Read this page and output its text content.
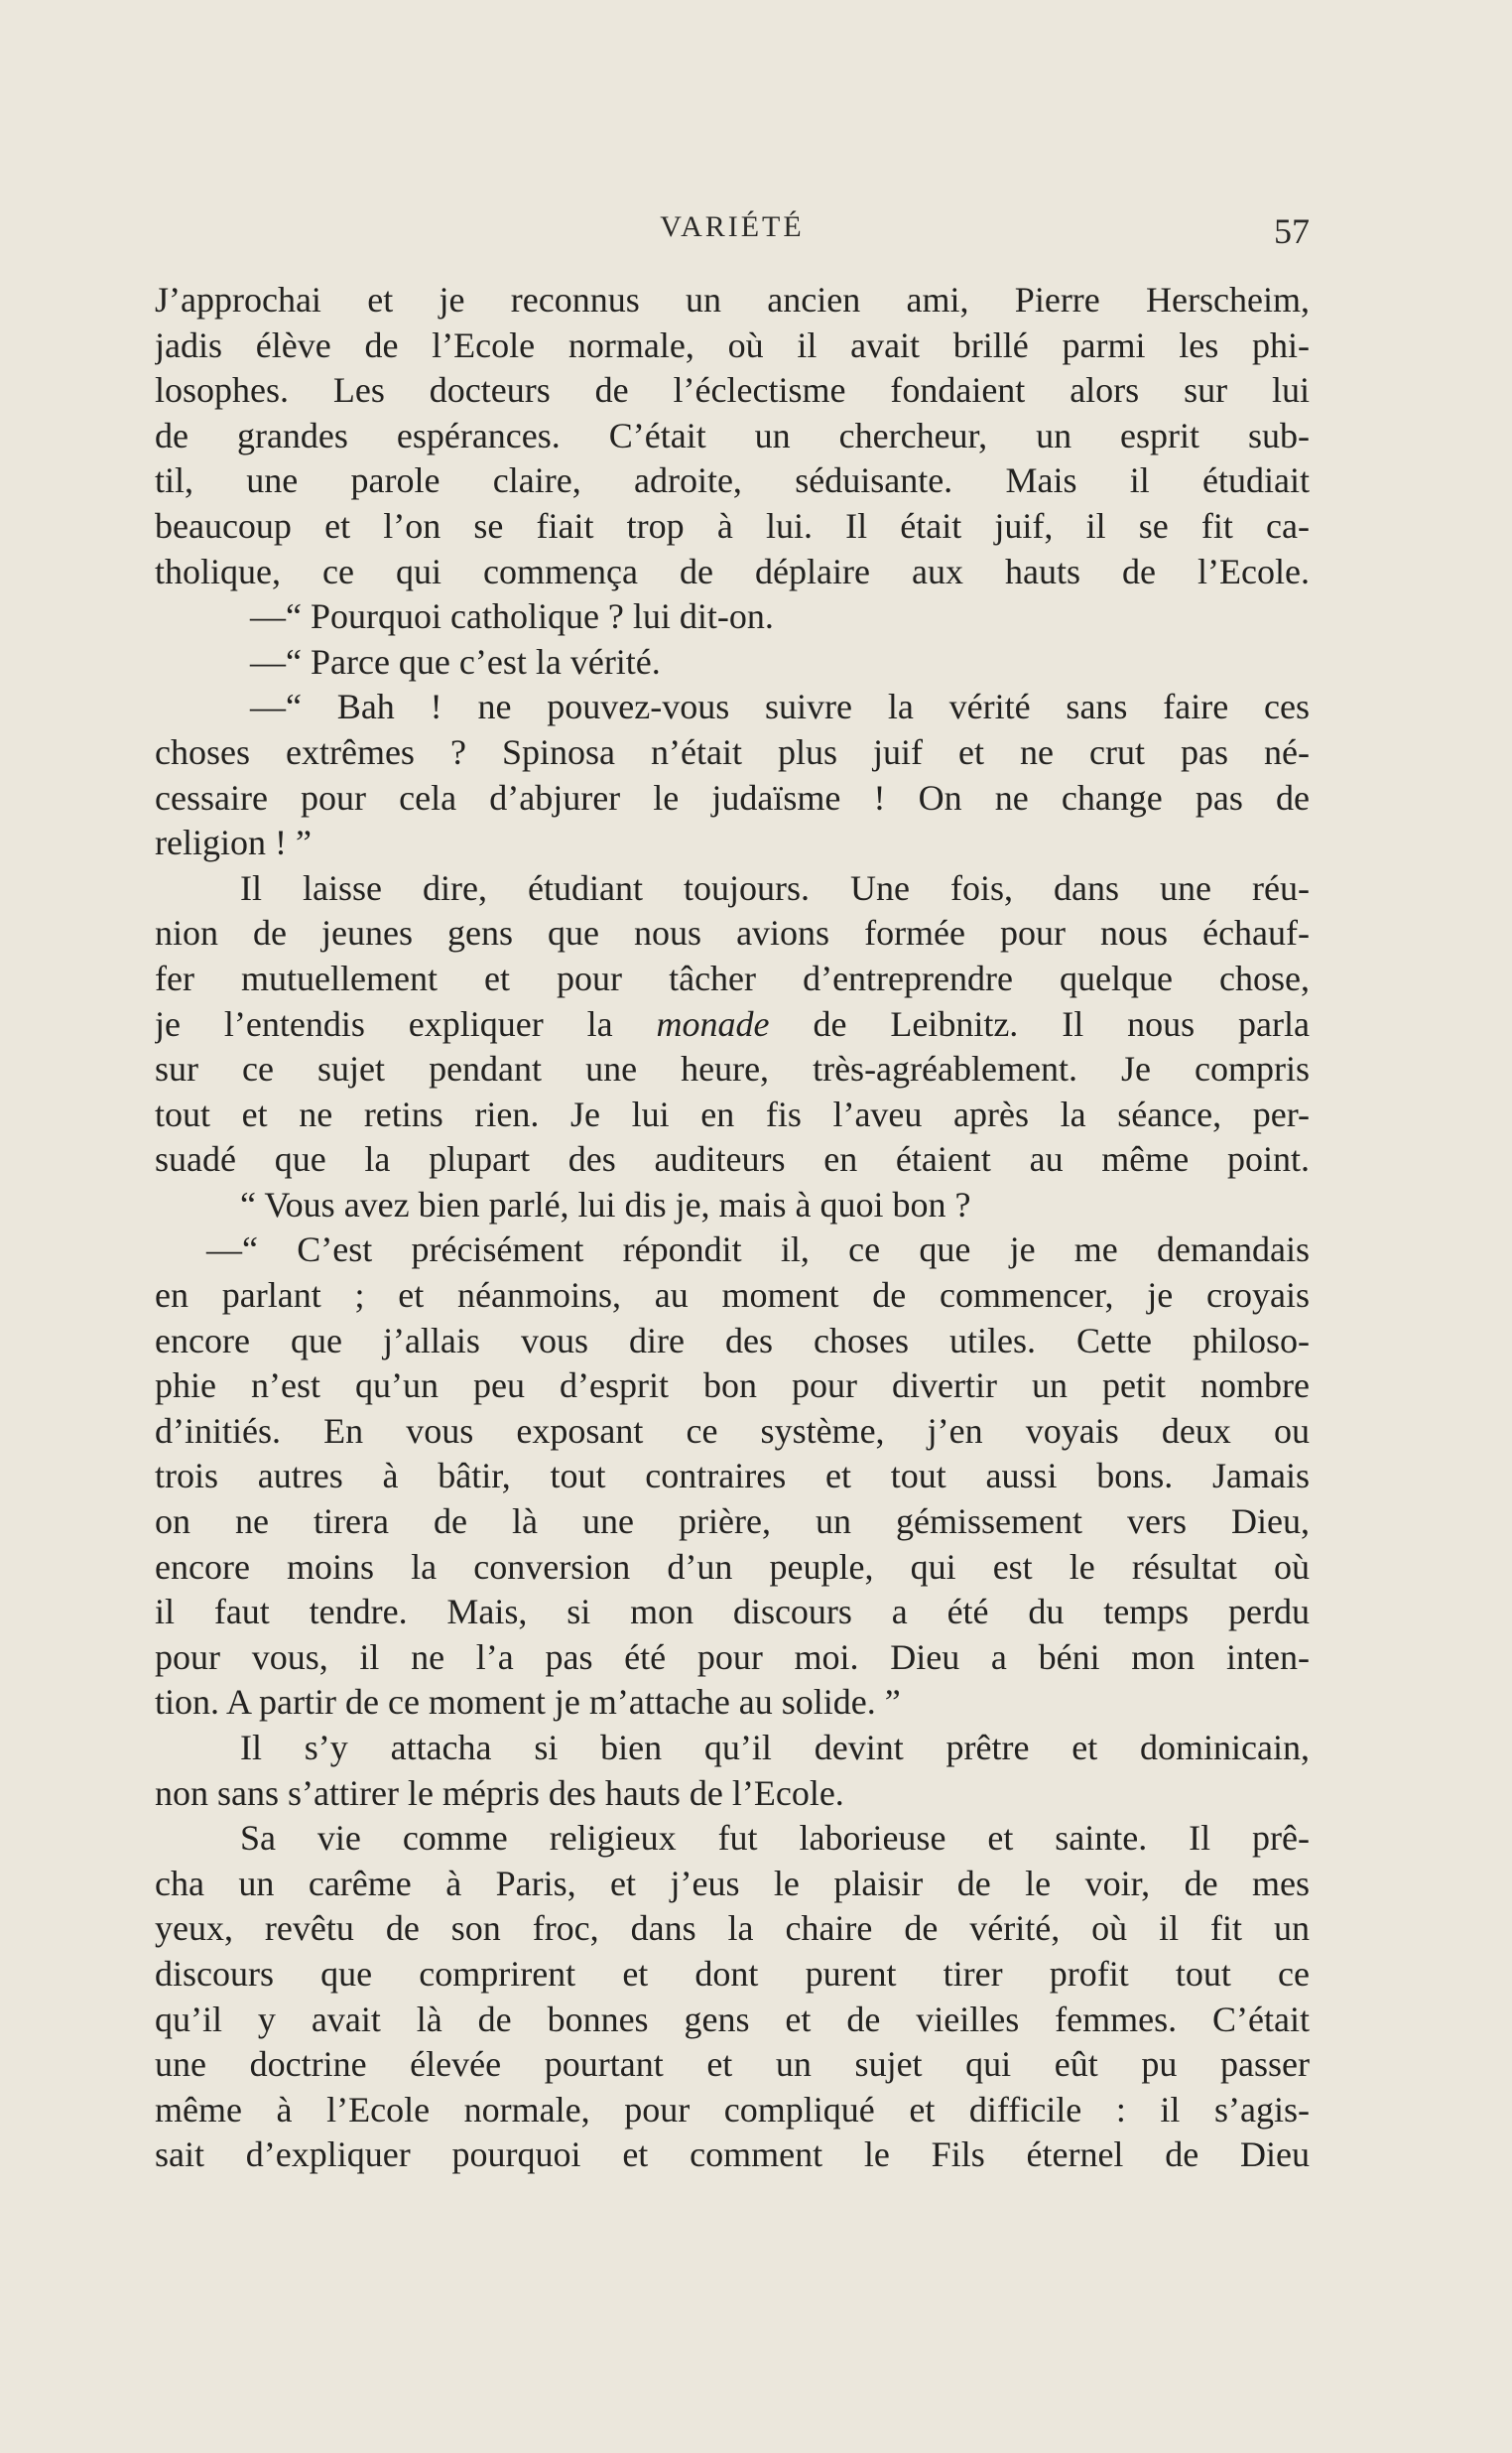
VARIÉTÉ	57
J’approchai et je reconnus un ancien ami, Pierre Herscheim,
jadis élève de l’Ecole normale, où il avait brillé parmi les phi-
losophes. Les docteurs de l’éclectisme fondaient alors sur lui
de grandes espérances. C’était un chercheur, un esprit sub-
til, une parole claire, adroite, séduisante. Mais il étudiait
beaucoup et l’on se fiait trop à lui. Il était juif, il se fit ca-
tholique, ce qui commença de déplaire aux hauts de l’Ecole.
—“ Pourquoi catholique ? lui dit-on.
—“ Parce que c’est la vérité.
—“ Bah ! ne pouvez-vous suivre la vérité sans faire ces
choses extrêmes ? Spinosa n’était plus juif et ne crut pas né-
cessaire pour cela d’abjurer le judaïsme ! On ne change pas de
religion ! ”
Il laisse dire, étudiant toujours. Une fois, dans une réu-
nion de jeunes gens que nous avions formée pour nous échauf-
fer mutuellement et pour tâcher d’entreprendre quelque chose,
je l’entendis expliquer la monade de Leibnitz. Il nous parla
sur ce sujet pendant une heure, très-agréablement. Je compris
tout et ne retins rien. Je lui en fis l’aveu après la séance, per-
suadé que la plupart des auditeurs en étaient au même point.
“ Vous avez bien parlé, lui dis je, mais à quoi bon ?
—“ C’est précisément répondit il, ce que je me demandais
en parlant ; et néanmoins, au moment de commencer, je croyais
encore que j’allais vous dire des choses utiles. Cette philoso-
phie n’est qu’un peu d’esprit bon pour divertir un petit nombre
d’initiés. En vous exposant ce système, j’en voyais deux ou
trois autres à bâtir, tout contraires et tout aussi bons. Jamais
on ne tirera de là une prière, un gémissement vers Dieu,
encore moins la conversion d’un peuple, qui est le résultat où
il faut tendre. Mais, si mon discours a été du temps perdu
pour vous, il ne l’a pas été pour moi. Dieu a béni mon inten-
tion. A partir de ce moment je m’attache au solide. ”
Il s’y attacha si bien qu’il devint prêtre et dominicain,
non sans s’attirer le mépris des hauts de l’Ecole.
Sa vie comme religieux fut laborieuse et sainte. Il prê-
cha un carême à Paris, et j’eus le plaisir de le voir, de mes
yeux, revêtu de son froc, dans la chaire de vérité, où il fit un
discours que comprirent et dont purent tirer profit tout ce
qu’il y avait là de bonnes gens et de vieilles femmes. C’était
une doctrine élevée pourtant et un sujet qui eût pu passer
même à l’Ecole normale, pour compliqué et difficile : il s’agis-
sait d’expliquer pourquoi et comment le Fils éternel de Dieu
